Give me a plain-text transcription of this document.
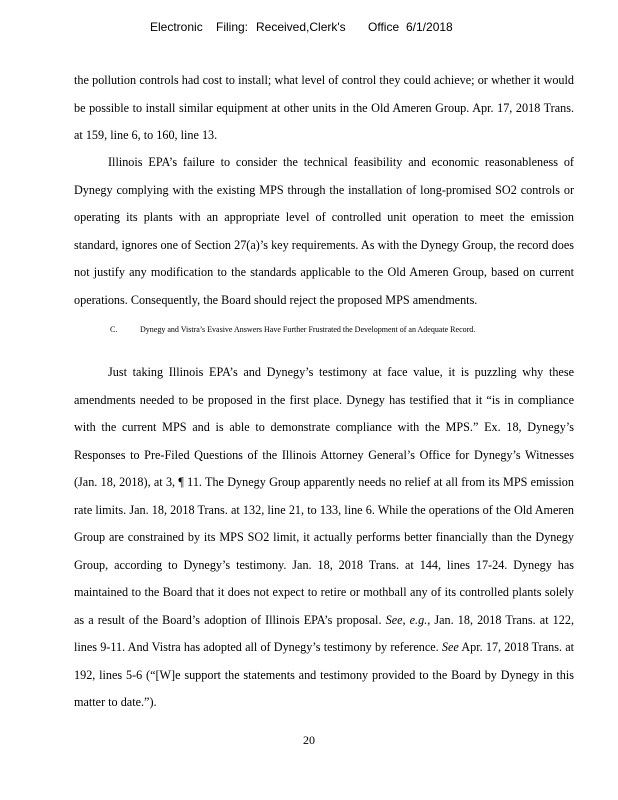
Electronic Filing: Received,Clerk's Office 6/1/2018

the pollution controls had cost to install; what level of control they could achieve; or whether it would be possible to install similar equipment at other units in the Old Ameren Group. Apr. 17, 2018 Trans. at 159, line 6, to 160, line 13.

Illinois EPA’s failure to consider the technical feasibility and economic reasonableness of Dynegy complying with the existing MPS through the installation of long-promised SO2 controls or operating its plants with an appropriate level of controlled unit operation to meet the emission standard, ignores one of Section 27(a)’s key requirements. As with the Dynegy Group, the record does not justify any modification to the standards applicable to the Old Ameren Group, based on current operations. Consequently, the Board should reject the proposed MPS amendments.

C.	Dynegy and Vistra’s Evasive Answers Have Further Frustrated the Development of an Adequate Record.

Just taking Illinois EPA’s and Dynegy’s testimony at face value, it is puzzling why these amendments needed to be proposed in the first place. Dynegy has testified that it “is in compliance with the current MPS and is able to demonstrate compliance with the MPS.” Ex. 18, Dynegy’s Responses to Pre-Filed Questions of the Illinois Attorney General’s Office for Dynegy’s Witnesses (Jan. 18, 2018), at 3, ¶ 11. The Dynegy Group apparently needs no relief at all from its MPS emission rate limits. Jan. 18, 2018 Trans. at 132, line 21, to 133, line 6. While the operations of the Old Ameren Group are constrained by its MPS SO2 limit, it actually performs better financially than the Dynegy Group, according to Dynegy’s testimony. Jan. 18, 2018 Trans. at 144, lines 17-24. Dynegy has maintained to the Board that it does not expect to retire or mothball any of its controlled plants solely as a result of the Board’s adoption of Illinois EPA’s proposal. See, e.g., Jan. 18, 2018 Trans. at 122, lines 9-11. And Vistra has adopted all of Dynegy’s testimony by reference. See Apr. 17, 2018 Trans. at 192, lines 5-6 (“[W]e support the statements and testimony provided to the Board by Dynegy in this matter to date.”).

20
